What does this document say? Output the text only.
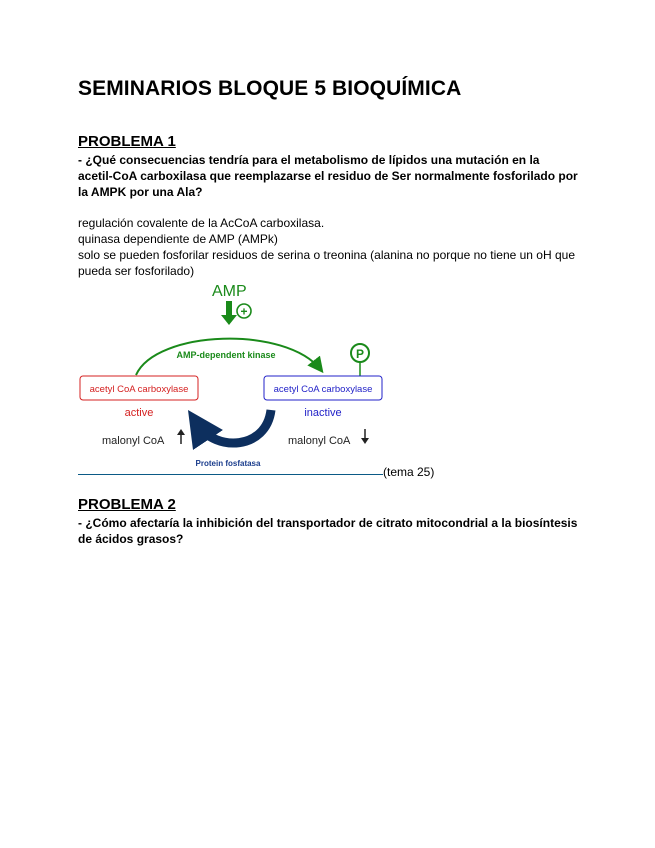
SEMINARIOS BLOQUE 5 BIOQUÍMICA
PROBLEMA 1
- ¿Qué consecuencias tendría para el metabolismo de lípidos una mutación en la
acetil-CoA carboxilasa que reemplazarse el residuo de Ser normalmente fosforilado por
la AMPK por una Ala?
regulación covalente de la AcCoA carboxilasa.
quinasa dependiente de AMP (AMPk)
solo se pueden fosforilar residuos de serina o treonina (alanina no porque no tiene un oH que
pueda ser fosforilado)
AMP
+
AMP-dependent kinase	P
acetyl CoA carboxylase
active
acetyl CoA carboxylase
inactive
malonyl CoA	malonyl CoA
Protein fosfatasa
(tema 25)
PROBLEMA 2
- ¿Cómo afectaría la inhibición del transportador de citrato mitocondrial a la biosíntesis
de ácidos grasos?
